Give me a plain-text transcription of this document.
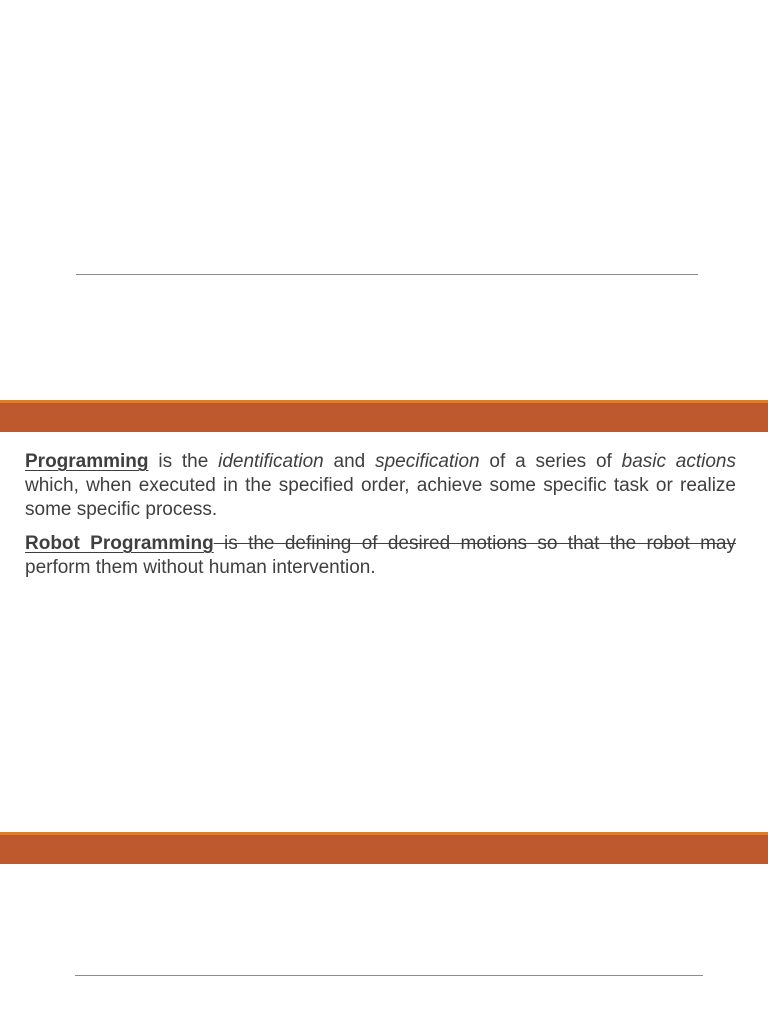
Programming is the identification and specification of a series of basic actions which, when executed in the specified order, achieve some specific task or realize some specific process.

Robot Programming is the defining of desired motions so that the robot may perform them without human intervention.
